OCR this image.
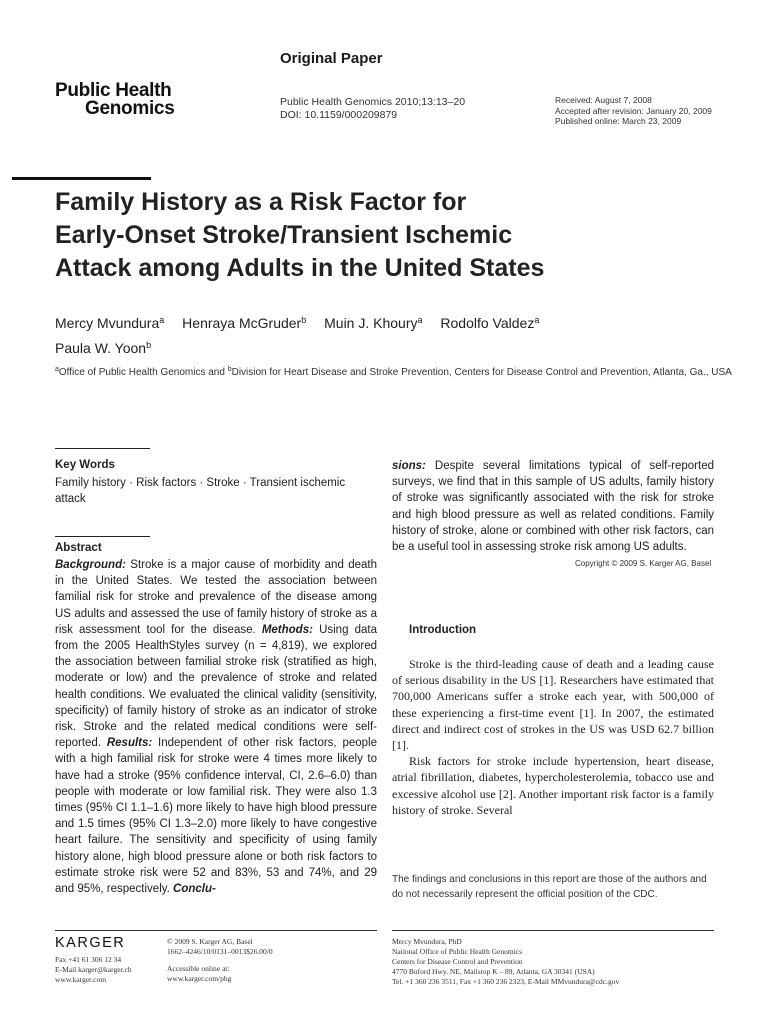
Original Paper
Public Health
Genomics	Public Health Genomics 2010;13:13–20
DOI: 10.1159/000209879
Received: August 7, 2008
Accepted after revision: January 20, 2009
Published online: March 23, 2009
Family History as a Risk Factor for
Early-Onset Stroke/Transient Ischemic
Attack among Adults in the United States
Mercy Mvundura$^a$ Henraya McGruder$^b$ Muin J. Khoury$^a$ Rodolfo Valdez$^a$
Paula W. Yoon$^b$
$^a$Office of Public Health Genomics and $^b$Division for Heart Disease and Stroke Prevention, Centers for Disease Control and Prevention, Atlanta, Ga., USA
Key Words
Family history · Risk factors · Stroke · Transient ischemic attack
Abstract
Background: Stroke is a major cause of morbidity and death in the United States. We tested the association between familial risk for stroke and prevalence of the disease among US adults and assessed the use of family history of stroke as a risk assessment tool for the disease. Methods: Using data from the 2005 HealthStyles survey (n = 4,819), we explored the association between familial stroke risk (stratified as high, moderate or low) and the prevalence of stroke and related health conditions. We evaluated the clinical validity (sensitivity, specificity) of family history of stroke as an indicator of stroke risk. Stroke and the related medical conditions were self-reported. Results: Independent of other risk factors, people with a high familial risk for stroke were 4 times more likely to have had a stroke (95% confidence interval, CI, 2.6–6.0) than people with moderate or low familial risk. They were also 1.3 times (95% CI 1.1–1.6) more likely to have high blood pressure and 1.5 times (95% CI 1.3–2.0) more likely to have congestive heart failure. The sensitivity and specificity of using family history alone, high blood pressure alone or both risk factors to estimate stroke risk were 52 and 83%, 53 and 74%, and 29 and 95%, respectively. Conclu-
sions: Despite several limitations typical of self-reported surveys, we find that in this sample of US adults, family history of stroke was significantly associated with the risk for stroke and high blood pressure as well as related conditions. Family history of stroke, alone or combined with other risk factors, can be a useful tool in assessing stroke risk among US adults.
Copyright © 2009 S. Karger AG, Basel
Introduction

Stroke is the third-leading cause of death and a leading cause of serious disability in the US [1]. Researchers have estimated that 700,000 Americans suffer a stroke each year, with 500,000 of these experiencing a first-time event [1]. In 2007, the estimated direct and indirect cost of strokes in the US was USD 62.7 billion [1].

Risk factors for stroke include hypertension, heart disease, atrial fibrillation, diabetes, hypercholesterolemia, tobacco use and excessive alcohol use [2]. Another important risk factor is a family history of stroke. Several

The findings and conclusions in this report are those of the authors and do not necessarily represent the official position of the CDC.
KARGER
Fax +41 61 306 12 34
E-Mail karger@karger.ch
www.karger.com
© 2009 S. Karger AG, Basel
1662–4246/10/0131–0013$26.00/0
Accessible online at:
www.karger.com/phg
Mercy Mvundura, PhD
National Office of Public Health Genomics
Centers for Disease Control and Prevention
4770 Buford Hwy. NE, Mailstop K – 89, Atlanta, GA 30341 (USA)
Tel. +1 360 236 3511, Fax +1 360 236 2323, E-Mail MMvundura@cdc.gov
